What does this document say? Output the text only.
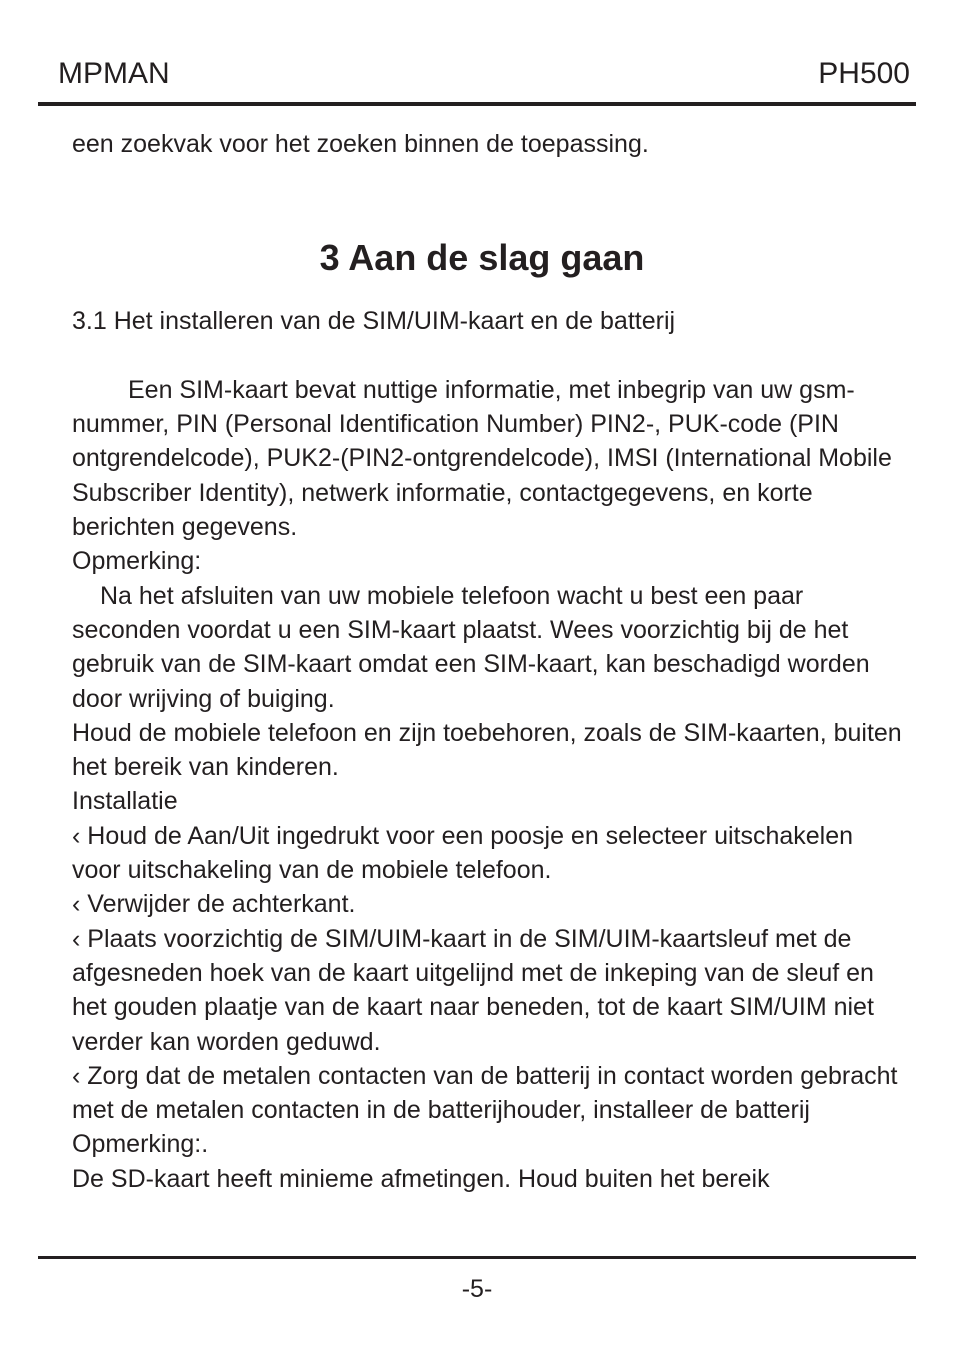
MPMAN	PH500

een zoekvak voor het zoeken binnen de toepassing.

3 Aan de slag gaan

3.1 Het installeren van de SIM/UIM-kaart en de batterij

Een SIM-kaart bevat nuttige informatie, met inbegrip van uw gsm-nummer, PIN (Personal Identification Number) PIN2-, PUK-code (PIN ontgrendelcode), PUK2-(PIN2-ontgrendelcode), IMSI (International Mobile Subscriber Identity), netwerk informatie, contactgegevens, en korte berichten gegevens.

Opmerking:

Na het afsluiten van uw mobiele telefoon wacht u best een paar seconden voordat u een SIM-kaart plaatst. Wees voorzichtig bij de het gebruik van de SIM-kaart omdat een SIM-kaart, kan beschadigd worden door wrijving of buiging.

Houd de mobiele telefoon en zijn toebehoren, zoals de SIM-kaarten, buiten het bereik van kinderen.

Installatie

‹ Houd de Aan/Uit ingedrukt voor een poosje en selecteer uitschakelen voor uitschakeling van de mobiele telefoon.

‹ Verwijder de achterkant.

‹ Plaats voorzichtig de SIM/UIM-kaart in de SIM/UIM-kaartsleuf met de afgesneden hoek van de kaart uitgelijnd met de inkeping van de sleuf en het gouden plaatje van de kaart naar beneden, tot de kaart SIM/UIM niet verder kan worden geduwd.

‹ Zorg dat de metalen contacten van de batterij in contact worden gebracht met de metalen contacten in de batterijhouder, installeer de batterij

Opmerking:.

De SD-kaart heeft minieme afmetingen. Houd buiten het bereik

-5-
